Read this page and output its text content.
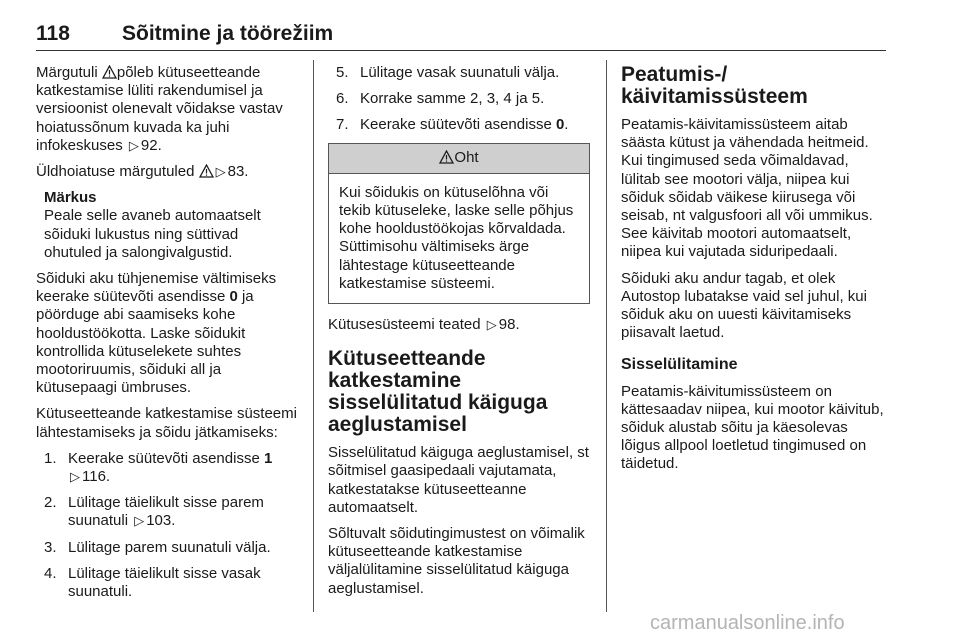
118 Sõitmine ja töörežiim

Märgutuli põleb kütuseetteande katkestamise lüliti rakendumisel ja versioonist olenevalt võidakse vastav hoiatussõnum kuvada ka juhi infokeskuses ▷ 92.

Üldhoiatuse märgutuled ▷ 83.

Märkus
Peale selle avaneb automaatselt sõiduki lukustus ning süttivad ohutuled ja salongivalgustid.

Sõiduki aku tühjenemise vältimiseks keerake süütevõti asendisse 0 ja pöörduge abi saamiseks kohe hooldustöökotta. Laske sõidukit kontrollida kütuselekete suhtes mootoriruumis, sõiduki all ja kütusepaagi ümbruses.

Kütuseetteande katkestamise süsteemi lähtestamiseks ja sõidu jätkamiseks:

1. Keerake süütevõti asendisse 1
▷ 116.
2. Lülitage täielikult sisse parem suunatuli ▷ 103.
3. Lülitage parem suunatuli välja.
4. Lülitage täielikult sisse vasak suunatuli.
5. Lülitage vasak suunatuli välja.
6. Korrake samme 2, 3, 4 ja 5.
7. Keerake süütevõti asendisse 0.
Oht
Kui sõidukis on kütuselõhna või tekib kütuseleke, laske selle põhjus kohe hooldustöökojas kõrvaldada. Süttimisohu vältimiseks ärge lähtestage kütuseetteande katkestamise süsteemi.

Kütusesüsteemi teated ▷ 98.

Kütuseetteande katkestamine sisselülitatud käiguga aeglustamisel

Sisselülitatud käiguga aeglustamisel, st sõitmisel gaasipedaali vajutamata, katkestatakse kütuseetteanne automaatselt.

Sõltuvalt sõidutingimustest on võimalik kütuseetteande katkestamise väljalülitamine sisselülitatud käiguga aeglustamisel.

Peatumis-/ käivitamissüsteem

Peatamis-käivitamissüsteem aitab säästa kütust ja vähendada heitmeid. Kui tingimused seda võimaldavad, lülitab see mootori välja, niipea kui sõiduk sõidab väikese kiirusega või seisab, nt valgusfoori all või ummikus. See käivitab mootori automaatselt, niipea kui vajutada siduripedaali.

Sõiduki aku andur tagab, et olek Autostop lubatakse vaid sel juhul, kui sõiduk aku on uuesti käivitamiseks piisavalt laetud.

Sisselülitamine

Peatamis-käivitumissüsteem on kättesaadav niipea, kui mootor käivitub, sõiduk alustab sõitu ja käesolevas lõigus allpool loetletud tingimused on täidetud.

carmanualsonline.info
